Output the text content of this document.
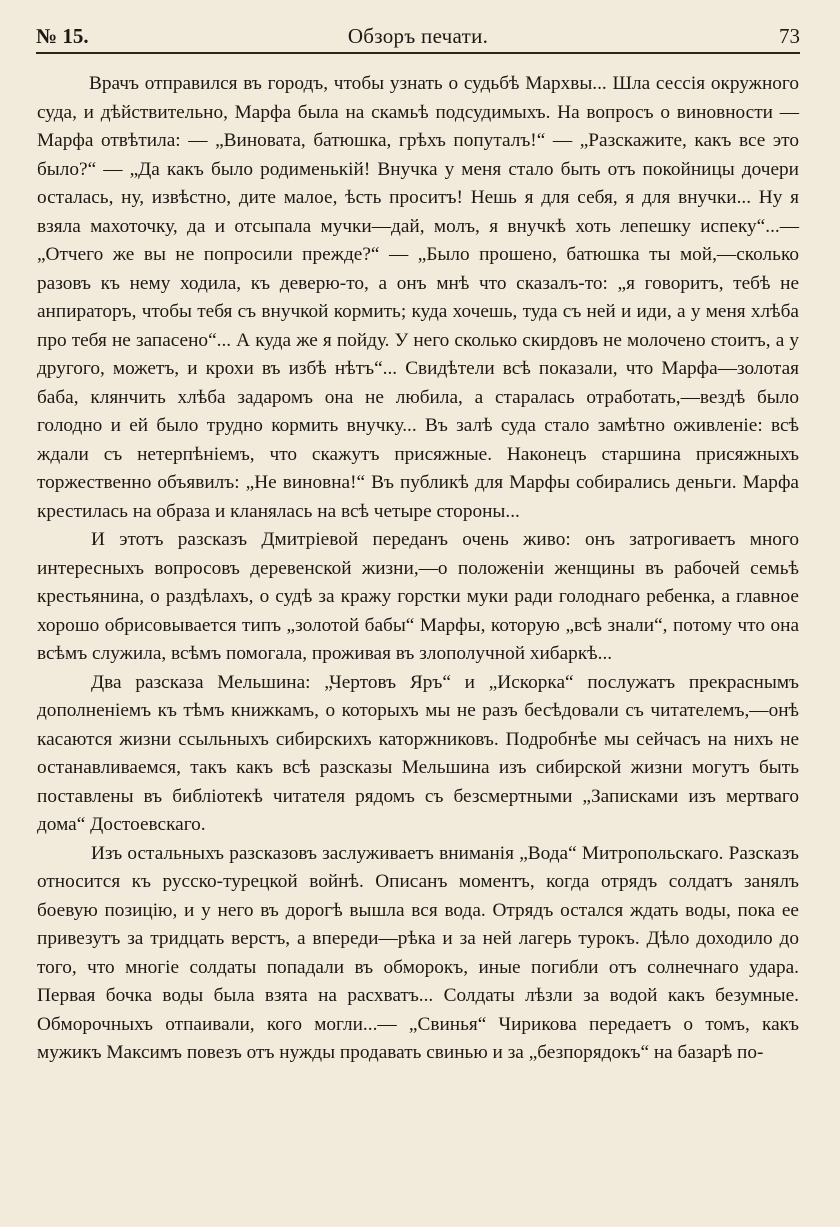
№ 15.	Обзоръ печати.	73

Врачъ отправился въ городъ, чтобы узнать о судьбѣ Мархвы... Шла сессія окружного суда, и дѣйствительно, Марфа была на скамьѣ подсудимыхъ. На вопросъ о виновности —Марфа отвѣтила: — „Виновата, батюшка, грѣхъ попуталъ!“ — „Разскажите, какъ все это было?“ — „Да какъ было родименькій! Внучка у меня стало быть отъ покойницы дочери осталась, ну, извѣстно, дите малое, ѣсть проситъ! Нешь я для себя, я для внучки... Ну я взяла махоточку, да и отсыпала мучки—дай, молъ, я внучкѣ хоть лепешку испеку“...— „Отчего же вы не попросили прежде?“ — „Было прошено, батюшка ты мой,—сколько разовъ къ нему ходила, къ деверю-то, а онъ мнѣ что сказалъ-то: „я говоритъ, тебѣ не анпираторъ, чтобы тебя съ внучкой кормить; куда хочешь, туда съ ней и иди, а у меня хлѣба про тебя не запасено“... А куда же я пойду. У него сколько скирдовъ не молочено стоитъ, а у другого, можетъ, и крохи въ избѣ нѣтъ“... Свидѣтели всѣ показали, что Марфа—золотая баба, клянчить хлѣба задаромъ она не любила, а старалась отработать,—вездѣ было голодно и ей было трудно кормить внучку... Въ залѣ суда стало замѣтно оживленіе: всѣ ждали съ нетерпѣніемъ, что скажутъ присяжные. Наконецъ старшина присяжныхъ торжественно объявилъ: „Не виновна!“ Въ публикѣ для Марфы собирались деньги. Марфа крестилась на образа и кланялась на всѣ четыре стороны...

И этотъ разсказъ Дмитріевой переданъ очень живо: онъ затрогиваетъ много интересныхъ вопросовъ деревенской жизни,—о положеніи женщины въ рабочей семьѣ крестьянина, о раздѣлахъ, о судѣ за кражу горстки муки ради голоднаго ребенка, а главное хорошо обрисовывается типъ „золотой бабы“ Марфы, которую „всѣ знали“, потому что она всѣмъ служила, всѣмъ помогала, проживая въ злополучной хибаркѣ...

Два разсказа Мельшина: „Чертовъ Яръ“ и „Искорка“ послужатъ прекраснымъ дополненіемъ къ тѣмъ книжкамъ, о которыхъ мы не разъ бесѣдовали съ читателемъ,—онѣ касаются жизни ссыльныхъ сибирскихъ каторжниковъ. Подробнѣе мы сейчасъ на нихъ не останавливаемся, такъ какъ всѣ разсказы Мельшина изъ сибирской жизни могутъ быть поставлены въ библіотекѣ читателя рядомъ съ безсмертными „Записками изъ мертваго дома“ Достоевскаго.

Изъ остальныхъ разсказовъ заслуживаетъ вниманія „Вода“ Митропольскаго. Разсказъ относится къ русско-турецкой войнѣ. Описанъ моментъ, когда отрядъ солдатъ занялъ боевую позицію, и у него въ дорогѣ вышла вся вода. Отрядъ остался ждать воды, пока ее привезутъ за тридцать верстъ, а впереди—рѣка и за ней лагерь турокъ. Дѣло доходило до того, что многіе солдаты попадали въ обморокъ, иные погибли отъ солнечнаго удара. Первая бочка воды была взята на расхватъ... Солдаты лѣзли за водой какъ безумные. Обморочныхъ отпаивали, кого могли...— „Свинья“ Чирикова передаетъ о томъ, какъ мужикъ Максимъ повезъ отъ нужды продавать свинью и за „безпорядокъ“ на базарѣ по-
